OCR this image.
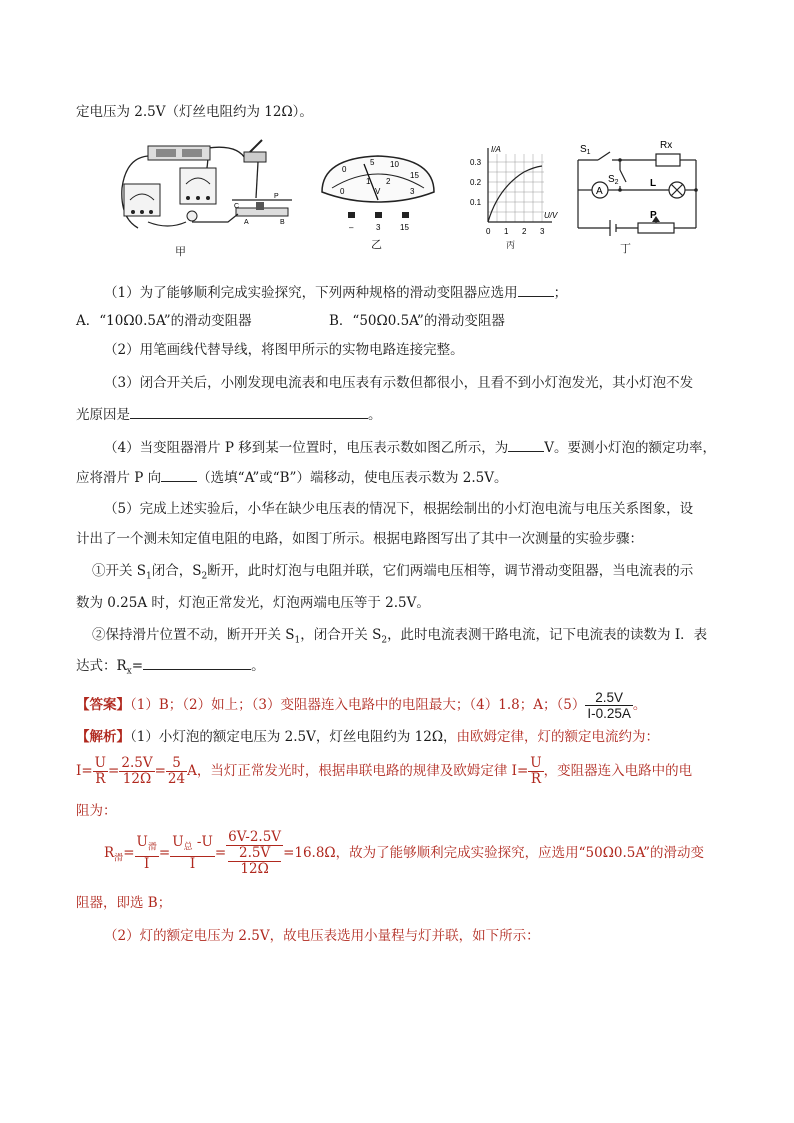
定电压为 2.5V（灯丝电阻约为 12Ω）。
C
A	B
P
甲
0
5 10
15
0
1 2
3
V
–	3 15
乙
I/A
U/V
0.3
0.2
0.1
0 1 2 3
丙
$S_1$
Rx
$S_2$	L
A
P
丁
（1）为了能够顺利完成实验探究，下列两种规格的滑动变阻器应选用	；
A．“10Ω0.5A”的滑动变阻器	B．“50Ω0.5A”的滑动变阻器
（2）用笔画线代替导线，将图甲所示的实物电路连接完整。
（3）闭合开关后，小刚发现电流表和电压表有示数但都很小，且看不到小灯泡发光，其小灯泡不发
光原因是	。
（4）当变阻器滑片 P 移到某一位置时，电压表示数如图乙所示，为	V。要测小灯泡的额定功率，
应将滑片 P 向	（选填“A”或“B”）端移动，使电压表示数为 2.5V。
（5）完成上述实验后，小华在缺少电压表的情况下，根据绘制出的小灯泡电流与电压关系图象，设
计出了一个测未知定值电阻的电路，如图丁所示。根据电路图写出了其中一次测量的实验步骤：
①开关 $S_1$闭合，$S_2$断开，此时灯泡与电阻并联，它们两端电压相等，调节滑动变阻器，当电流表的示
数为 0.25A 时，灯泡正常发光，灯泡两端电压等于 2.5V。
②保持滑片位置不动，断开开关 $S_1$，闭合开关 $S_2$，此时电流表测干路电流，记下电流表的读数为 I．表
达式：$R_x=$	。
【答案】（1）B；（2）如上；（3）变阻器连入电路中的电阻最大；（4）1.8；A；$(5) \frac{2.5V}{I-0.25A}$ 。
【解析】（1）小灯泡的额定电压为 2.5V，灯丝电阻约为 12Ω，由欧姆定律，灯的额定电流约为：
$I= \frac{U}{R} = \frac{2.5V}{12\Omega} = \frac{5}{24}$ A，当灯正常发光时，根据串联电路的规律及欧姆定律 $I= \frac{U}{R}$ ，变阻器连入电路中的电
阻为：
$R_滑= \frac{U_滑}{I} = \frac{U_总 -U}{I} = 6V-2.5V$
2.5V
12Ω =16.8Ω，故为了能够顺利完成实验探究，应选用“50Ω0.5A”的滑动变
阻器，即选 B；
（2）灯的额定电压为 2.5V，故电压表选用小量程与灯并联，如下所示：
